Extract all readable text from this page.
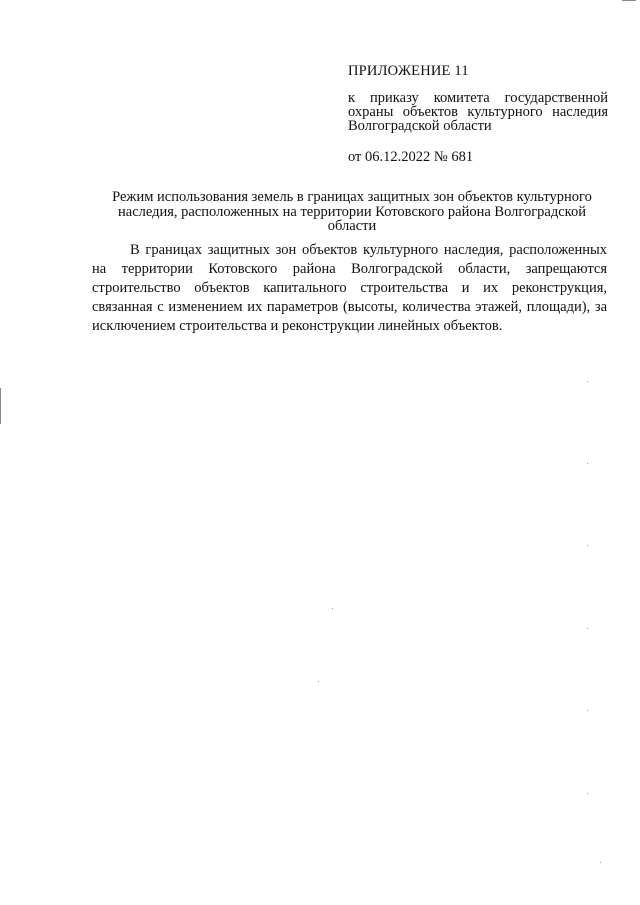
ПРИЛОЖЕНИЕ 11
к приказу комитета государственной охраны объектов культурного наследия Волгоградской области
от 06.12.2022 № 681
Режим использования земель в границах защитных зон объектов культурного наследия, расположенных на территории Котовского района Волгоградской области

В границах защитных зон объектов культурного наследия, расположенных на территории Котовского района Волгоградской области, запрещаются строительство объектов капитального строительства и их реконструкция, связанная с изменением их параметров (высоты, количества этажей, площади), за исключением строительства и реконструкции линейных объектов.
